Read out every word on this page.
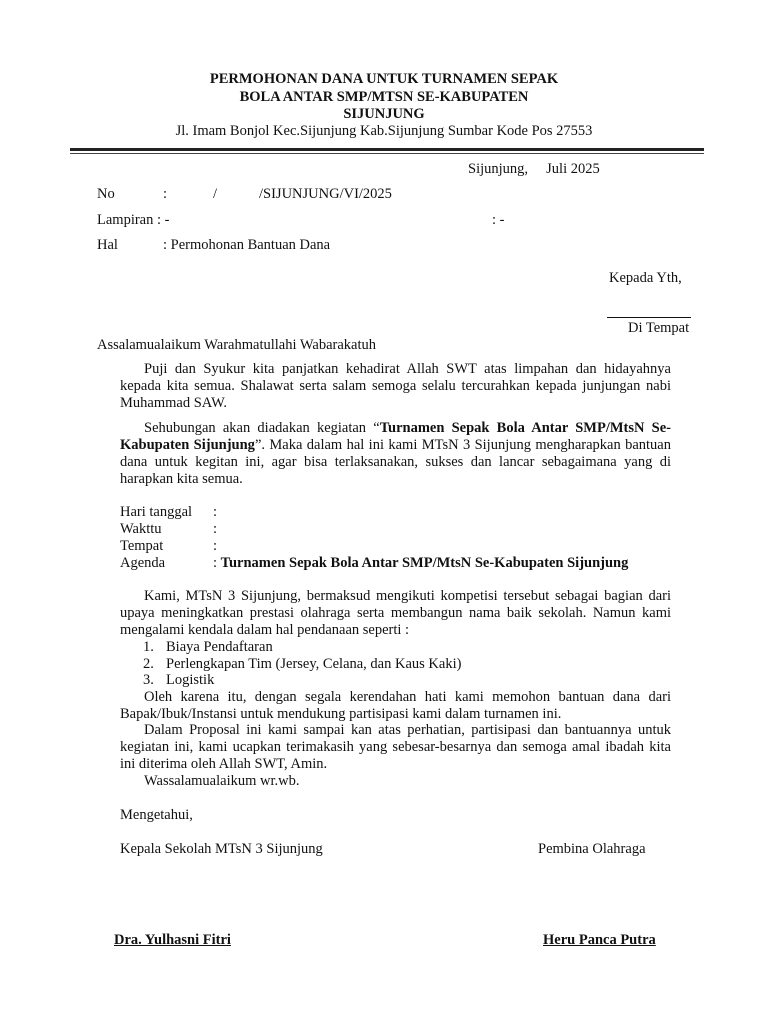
PERMOHONAN DANA UNTUK TURNAMEN SEPAK
BOLA ANTAR SMP/MTSN SE-KABUPATEN
SIJUNJUNG
Jl. Imam Bonjol Kec.Sijunjung Kab.Sijunjung Sumbar Kode Pos 27553
Sijunjung,     Juli 2025
No	:	/	/SIJUNJUNG/VI/2025
Lampiran : -	: -
Hal	: Permohonan Bantuan Dana
Kepada Yth,
Di Tempat
Assalamualaikum Warahmatullahi Wabarakatuh
Puji dan Syukur kita panjatkan kehadirat Allah SWT atas limpahan dan hidayahnya kepada kita semua. Shalawat serta salam semoga selalu tercurahkan kepada junjungan nabi Muhammad SAW.
Sehubungan akan diadakan kegiatan “Turnamen Sepak Bola Antar SMP/MtsN Se-Kabupaten Sijunjung”. Maka dalam hal ini kami MTsN 3 Sijunjung mengharapkan bantuan dana untuk kegitan ini, agar bisa terlaksanakan, sukses dan lancar sebagaimana yang di harapkan kita semua.
Hari tanggal :
Wakttu	:
Tempat	:
Agenda	: Turnamen Sepak Bola Antar SMP/MtsN Se-Kabupaten Sijunjung
Kami, MTsN 3 Sijunjung, bermaksud mengikuti kompetisi tersebut sebagai bagian dari upaya meningkatkan prestasi olahraga serta membangun nama baik sekolah. Namun kami mengalami kendala dalam hal pendanaan seperti :
1. Biaya Pendaftaran
2. Perlengkapan Tim (Jersey, Celana, dan Kaus Kaki)
3. Logistik
Oleh karena itu, dengan segala kerendahan hati kami memohon bantuan dana dari Bapak/Ibuk/Instansi untuk mendukung partisipasi kami dalam turnamen ini.
Dalam Proposal ini kami sampai kan atas perhatian, partisipasi dan bantuannya untuk kegiatan ini, kami ucapkan terimakasih yang sebesar-besarnya dan semoga amal ibadah kita ini diterima oleh Allah SWT, Amin.
Wassalamualaikum wr.wb.
Mengetahui,
Kepala Sekolah MTsN 3 Sijunjung	Pembina Olahraga
Dra. Yulhasni Fitri	Heru Panca Putra
